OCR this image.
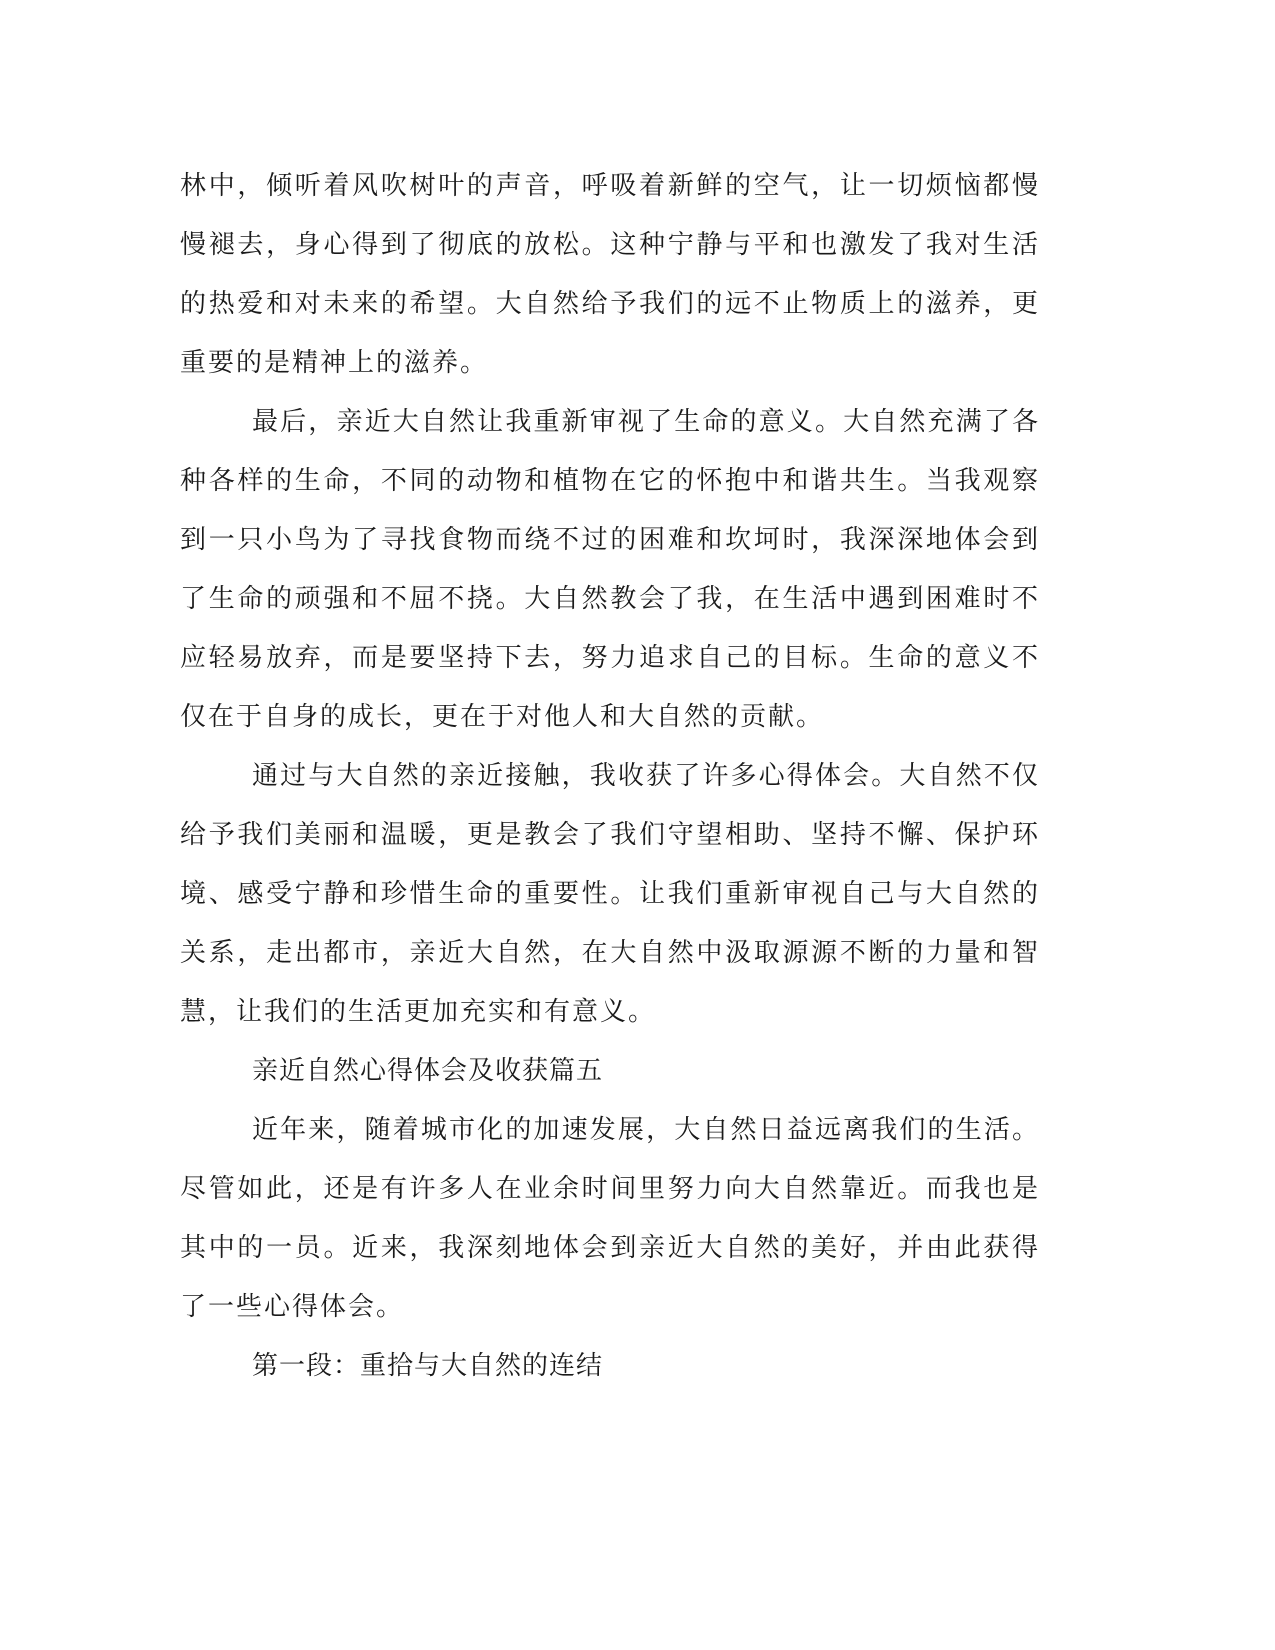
林中，倾听着风吹树叶的声音，呼吸着新鲜的空气，让一切烦恼都慢慢褪去，身心得到了彻底的放松。这种宁静与平和也激发了我对生活的热爱和对未来的希望。大自然给予我们的远不止物质上的滋养，更重要的是精神上的滋养。

最后，亲近大自然让我重新审视了生命的意义。大自然充满了各种各样的生命，不同的动物和植物在它的怀抱中和谐共生。当我观察到一只小鸟为了寻找食物而绕不过的困难和坎坷时，我深深地体会到了生命的顽强和不屈不挠。大自然教会了我，在生活中遇到困难时不应轻易放弃，而是要坚持下去，努力追求自己的目标。生命的意义不仅在于自身的成长，更在于对他人和大自然的贡献。

通过与大自然的亲近接触，我收获了许多心得体会。大自然不仅给予我们美丽和温暖，更是教会了我们守望相助、坚持不懈、保护环境、感受宁静和珍惜生命的重要性。让我们重新审视自己与大自然的关系，走出都市，亲近大自然，在大自然中汲取源源不断的力量和智慧，让我们的生活更加充实和有意义。

亲近自然心得体会及收获篇五

近年来，随着城市化的加速发展，大自然日益远离我们的生活。尽管如此，还是有许多人在业余时间里努力向大自然靠近。而我也是其中的一员。近来，我深刻地体会到亲近大自然的美好，并由此获得了一些心得体会。

第一段：重拾与大自然的连结
